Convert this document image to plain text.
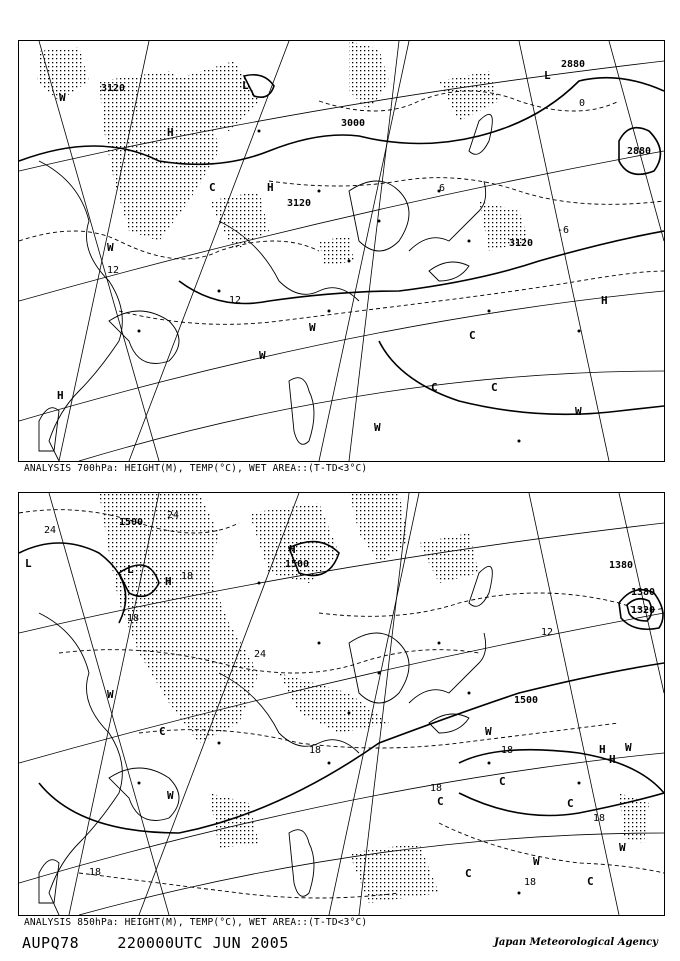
3120
3000
3120
3120
2880
2880
12
12
-6
0
6
H
H
L
L
W
W
W
W
W
C
C
C	C
H
H
W
ANALYSIS 700hPa: HEIGHT(M), TEMP(°C), WET AREA::(T-TD<3°C)
1500
1500
1500
1380
1380
1320
24
24
18
18
24
18	18
12
18
18
18
18
L	L
H
H
H
W
W
C
C
C
C
W
W
H
W
C
W
C
ANALYSIS 850hPa: HEIGHT(M), TEMP(°C), WET AREA::(T-TD<3°C)
AUPQ78	220000UTC JUN 2005	Japan Meteorological Agency
